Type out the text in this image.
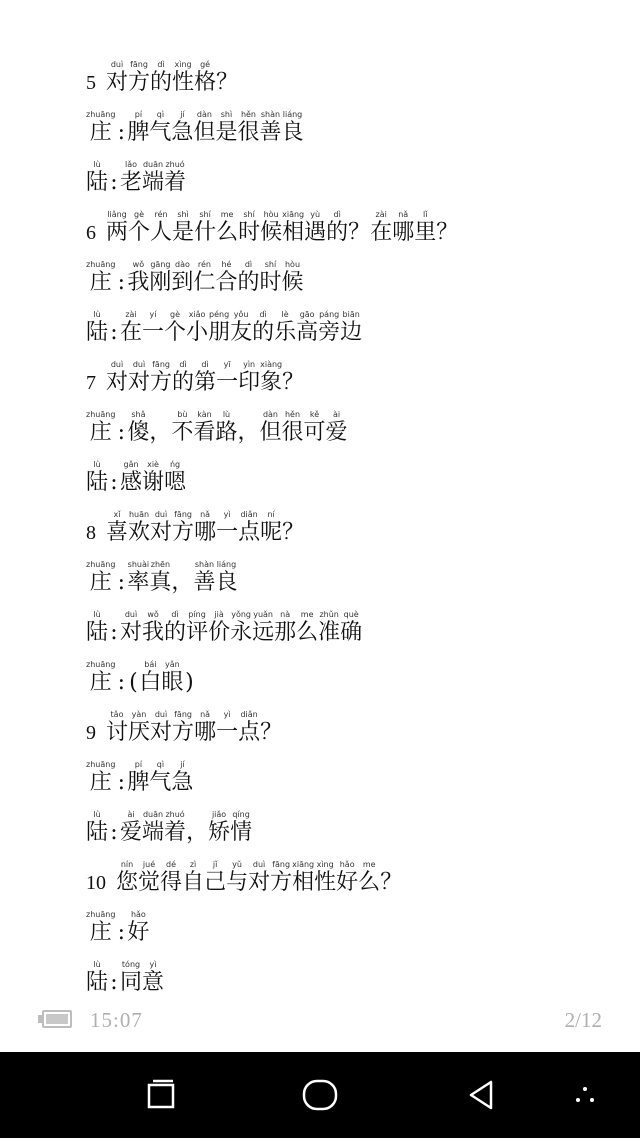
5
duì
对
fāng
方
dì
的
xìng
性
gé
格 ？
zhuāng
庄 :
pí
脾
qì
气
jí
急
dàn
但
shì
是
hěn
很
shàn
善
liáng
良
lù
陆 :
lǎo
老
duān
端
zhuó
着
6
liǎng
两
gè
个
rén
人
shì
是
shí
什
me
么
shí
时
hòu
候
xiāng
相
yù
遇
dì
的 ？
zài
在
nǎ
哪
lǐ
里 ？
zhuāng
庄 :
wǒ
我
gāng
刚
dào
到
rén
仁
hé
合
dì
的
shí
时
hòu
候
lù
陆 :
zài
在
yí
一
gè
个
xiǎo
小
péng
朋
yǒu
友
dì
的
lè
乐
gāo
高
páng
旁
biān
边
7
duì
对
duì
对
fāng
方
dì
的
dì
第
yī
一
yìn
印
xiàng
象 ？
zhuāng
庄 :
shǎ
傻 ，
bù
不
kàn
看
lù
路 ，
dàn
但
hěn
很
kě
可
ài
爱
lù
陆 :
gǎn
感
xiè
谢
ńg
嗯
8
xǐ
喜
huān
欢
duì
对
fāng
方
nǎ
哪
yì
一
diǎn
点
ní
呢 ？
zhuāng
庄 :
shuài
率
zhēn
真 ，
shàn
善
liáng
良
lù
陆 :
duì
对
wǒ
我
dì
的
píng
评
jià
价
yǒng
永
yuǎn
远
nà
那
me
么
zhǔn
准
què
确
zhuāng
庄 : (
bái
白
yǎn
眼 )
9
tǎo
讨
yàn
厌
duì
对
fāng
方
nǎ
哪
yì
一
diǎn
点 ？
zhuāng
庄 :
pí
脾
qì
气
jí
急
lù
陆 :
ài
爱
duān
端
zhuó
着 ，
jiǎo
矫
qíng
情
10
nín
您
jué
觉
dé
得
zì
自
jǐ
己
yǔ
与
duì
对
fāng
方
xiāng
相
xìng
性
hǎo
好
me
么 ？
zhuāng
庄 :
hǎo
好
lù
陆 :
tóng
同
yì
意
15:07	2/12
